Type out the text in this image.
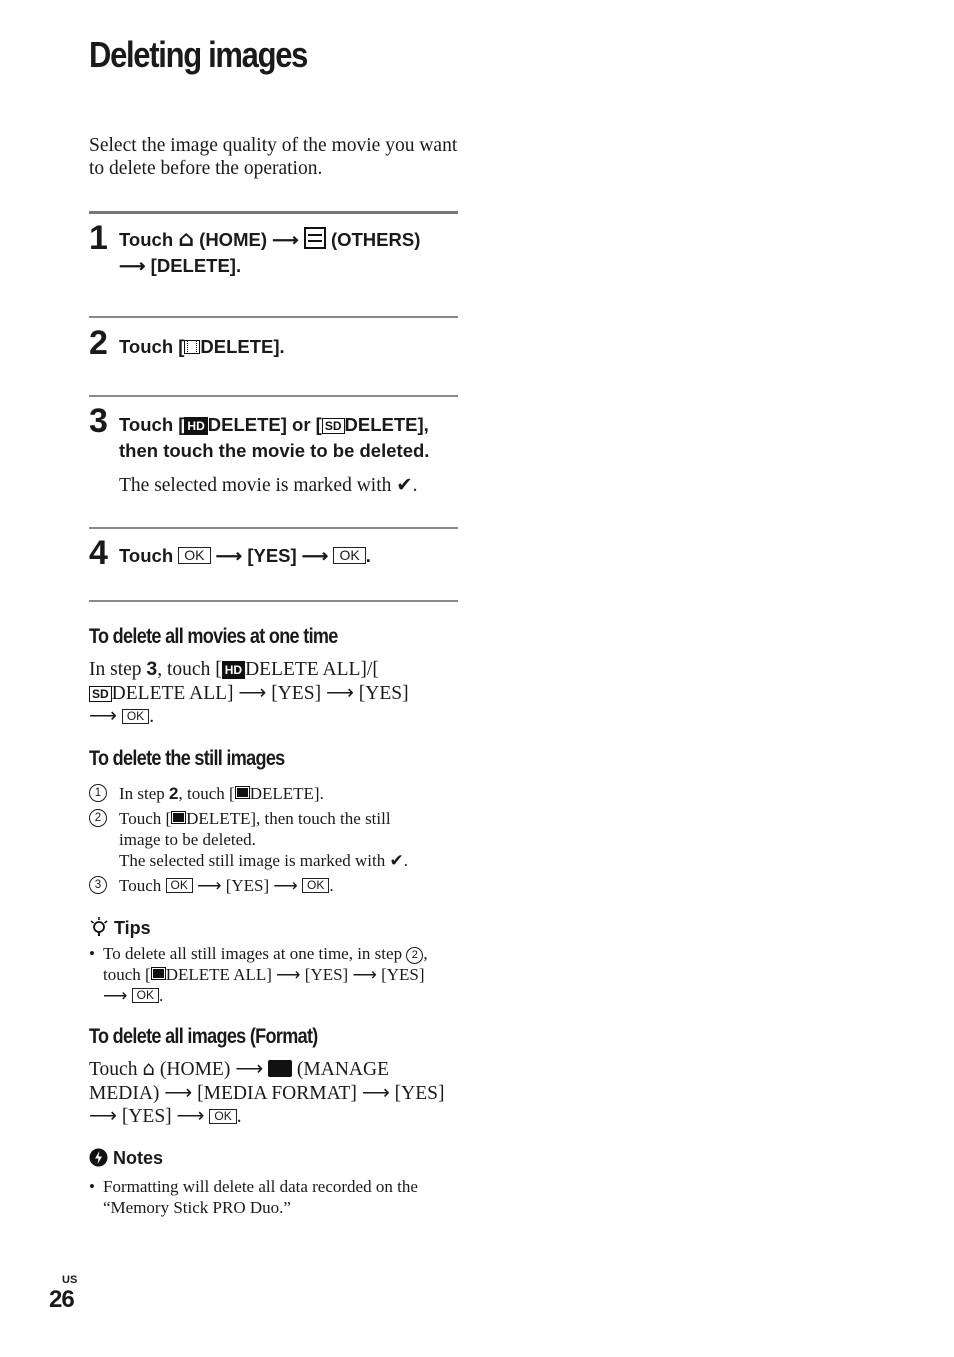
Deleting images
Select the image quality of the movie you want to delete before the operation.
1 Touch ⌂ (HOME) ⟶ (OTHERS)
⟶ [DELETE].
2 Touch [ DELETE].
3 Touch [ HD DELETE] or [ SD DELETE],
then touch the movie to be deleted.
The selected movie is marked with ✔.
4 Touch OK ⟶ [YES] ⟶ OK .
To delete all movies at one time
In step 3, touch [ HD DELETE ALL]/[
SD DELETE ALL] ⟶ [YES] ⟶ [YES]
⟶ OK .
To delete the still images
1	In step 2, touch [ DELETE].
2	Touch [ DELETE], then touch the still image to be deleted.
The selected still image is marked with ✔.
3	Touch OK ⟶ [YES] ⟶ OK .
Tips
• To delete all still images at one time, in step 2 , touch [ DELETE ALL] ⟶ [YES] ⟶ [YES]
⟶ OK .
To delete all images (Format)
Touch ⌂ (HOME) ⟶ (MANAGE MEDIA) ⟶ [MEDIA FORMAT] ⟶ [YES]
⟶ [YES] ⟶ OK .
Notes
• Formatting will delete all data recorded on the “Memory Stick PRO Duo.”
US
26
